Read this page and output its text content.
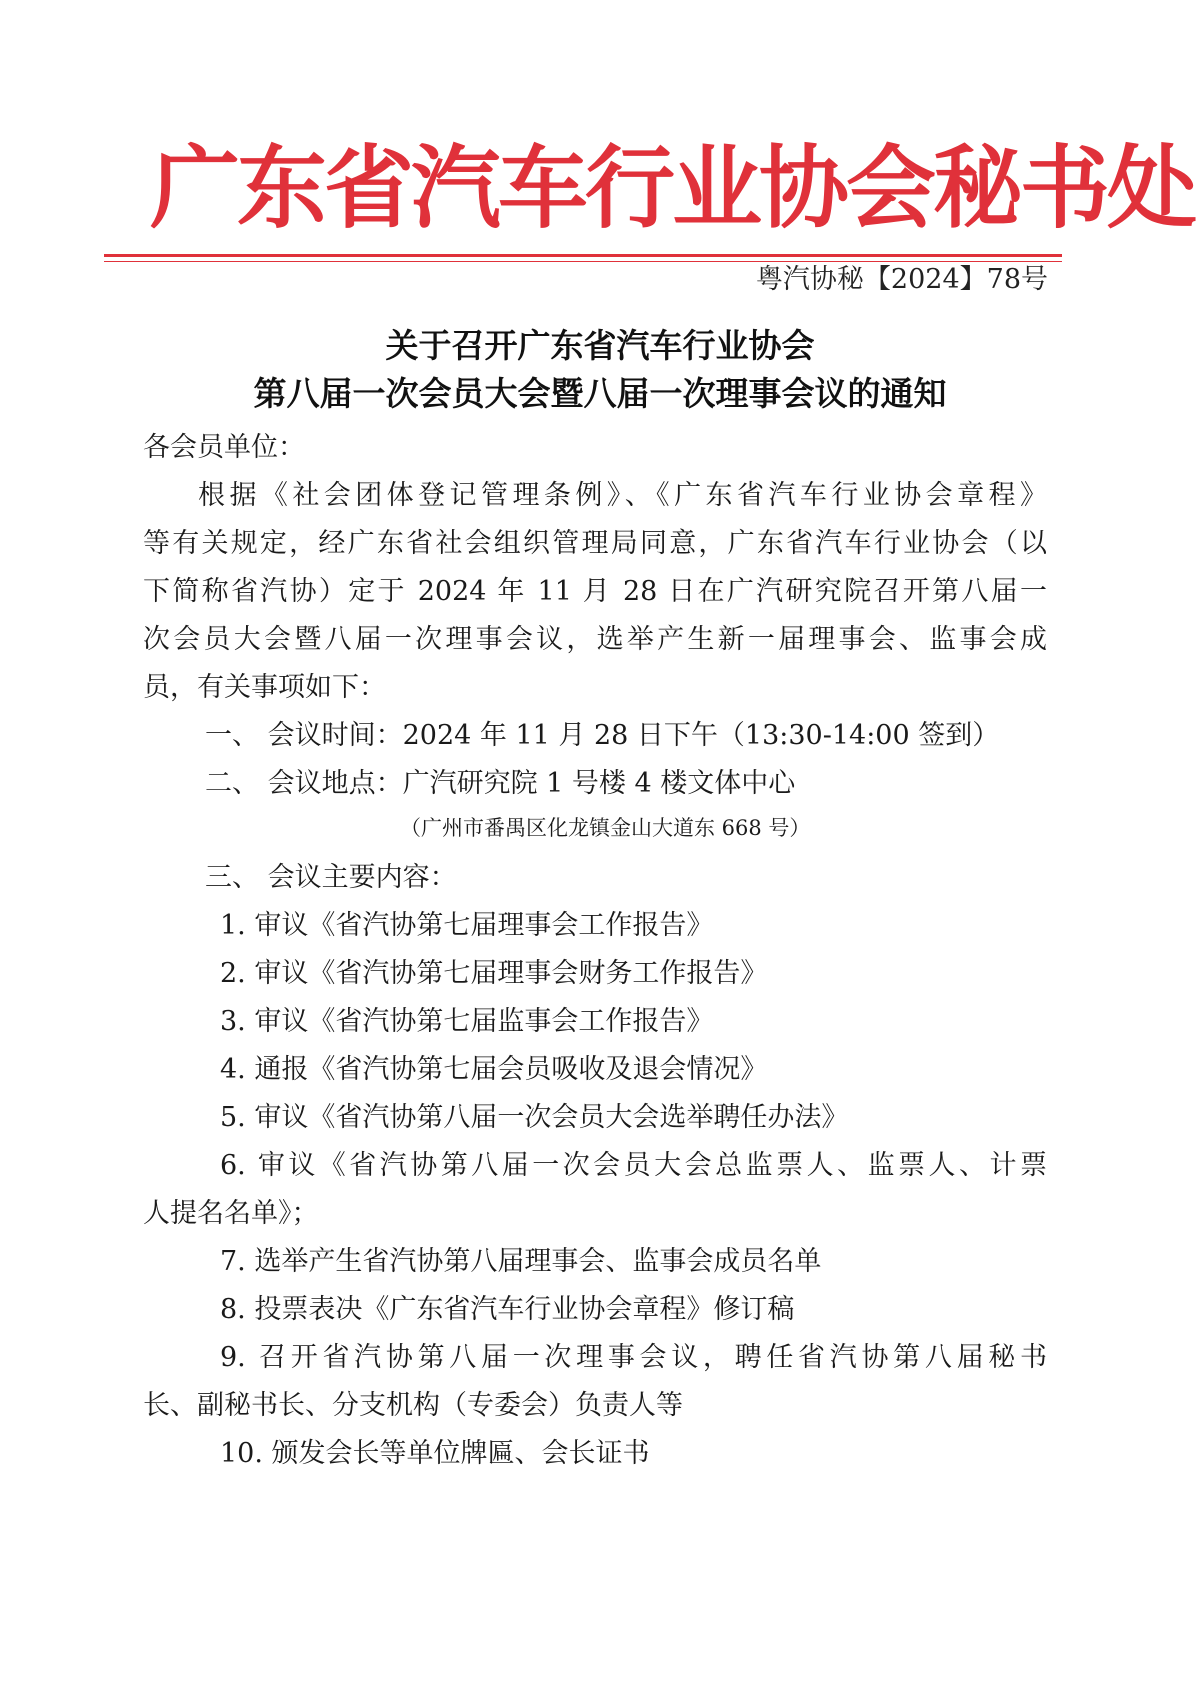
广东省汽车行业协会秘书处
粤汽协秘【2024】78号
关于召开广东省汽车行业协会
第八届一次会员大会暨八届一次理事会议的通知
各会员单位：
根据《社会团体登记管理条例》、《广东省汽车行业协会章程》
等有关规定，经广东省社会组织管理局同意，广东省汽车行业协会（以
下简称省汽协）定于 2024 年 11 月 28 日在广汽研究院召开第八届一
次会员大会暨八届一次理事会议，选举产生新一届理事会、监事会成
员，有关事项如下：
一、 会议时间：2024 年 11 月 28 日下午（13:30-14:00 签到）
二、 会议地点：广汽研究院 1 号楼 4 楼文体中心
（广州市番禺区化龙镇金山大道东 668 号）
三、 会议主要内容：
1. 审议《省汽协第七届理事会工作报告》
2. 审议《省汽协第七届理事会财务工作报告》
3. 审议《省汽协第七届监事会工作报告》
4. 通报《省汽协第七届会员吸收及退会情况》
5. 审议《省汽协第八届一次会员大会选举聘任办法》
6. 审议《省汽协第八届一次会员大会总监票人、监票人、计票
人提名名单》；
7. 选举产生省汽协第八届理事会、监事会成员名单
8. 投票表决《广东省汽车行业协会章程》修订稿
9. 召开省汽协第八届一次理事会议，聘任省汽协第八届秘书
长、副秘书长、分支机构（专委会）负责人等
10. 颁发会长等单位牌匾、会长证书
